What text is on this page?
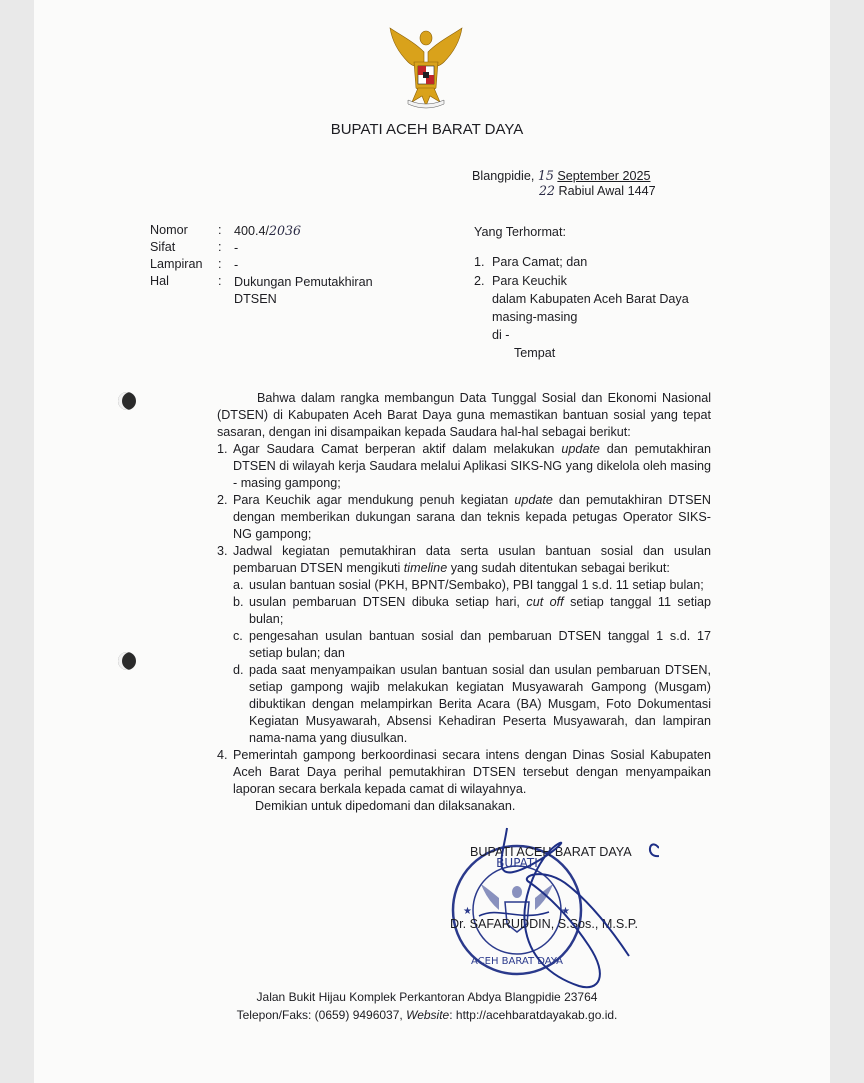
BUPATI ACEH BARAT DAYA
Blangpidie, 15 September 2025
22 Rabiul Awal 1447
Nomor
Sifat
Lampiran
Hal
:
:
:
:
400.4/2036
-
-
Dukungan Pemutakhiran
DTSEN
Yang Terhormat:
1. Para Camat; dan
2. Para Keuchik
dalam Kabupaten Aceh Barat Daya
masing-masing
di -
Tempat
Bahwa dalam rangka membangun Data Tunggal Sosial dan Ekonomi Nasional (DTSEN) di Kabupaten Aceh Barat Daya guna memastikan bantuan sosial yang tepat sasaran, dengan ini disampaikan kepada Saudara hal-hal sebagai berikut:
1. Agar Saudara Camat berperan aktif dalam melakukan update dan pemutakhiran DTSEN di wilayah kerja Saudara melalui Aplikasi SIKS-NG yang dikelola oleh masing - masing gampong;
2. Para Keuchik agar mendukung penuh kegiatan update dan pemutakhiran DTSEN dengan memberikan dukungan sarana dan teknis kepada petugas Operator SIKS-NG gampong;
3. Jadwal kegiatan pemutakhiran data serta usulan bantuan sosial dan usulan pembaruan DTSEN mengikuti timeline yang sudah ditentukan sebagai berikut:
a. usulan bantuan sosial (PKH, BPNT/Sembako), PBI tanggal 1 s.d. 11 setiap bulan;
b. usulan pembaruan DTSEN dibuka setiap hari, cut off setiap tanggal 11 setiap bulan;
c. pengesahan usulan bantuan sosial dan pembaruan DTSEN tanggal 1 s.d. 17 setiap bulan; dan
d. pada saat menyampaikan usulan bantuan sosial dan usulan pembaruan DTSEN, setiap gampong wajib melakukan kegiatan Musyawarah Gampong (Musgam) dibuktikan dengan melampirkan Berita Acara (BA) Musgam, Foto Dokumentasi Kegiatan Musyawarah, Absensi Kehadiran Peserta Musyawarah, dan lampiran nama-nama yang diusulkan.
4. Pemerintah gampong berkoordinasi secara intens dengan Dinas Sosial Kabupaten Aceh Barat Daya perihal pemutakhiran DTSEN tersebut dengan menyampaikan laporan secara berkala kepada camat di wilayahnya.
Demikian untuk dipedomani dan dilaksanakan.
BUPATI
ACEH BARAT DAYA
★	★
BUPATI ACEH BARAT DAYA
Dr. SAFARUDDIN, S.Sos., M.S.P.
Jalan Bukit Hijau Komplek Perkantoran Abdya Blangpidie 23764
Telepon/Faks: (0659) 9496037, Website: http://acehbaratdayakab.go.id.
